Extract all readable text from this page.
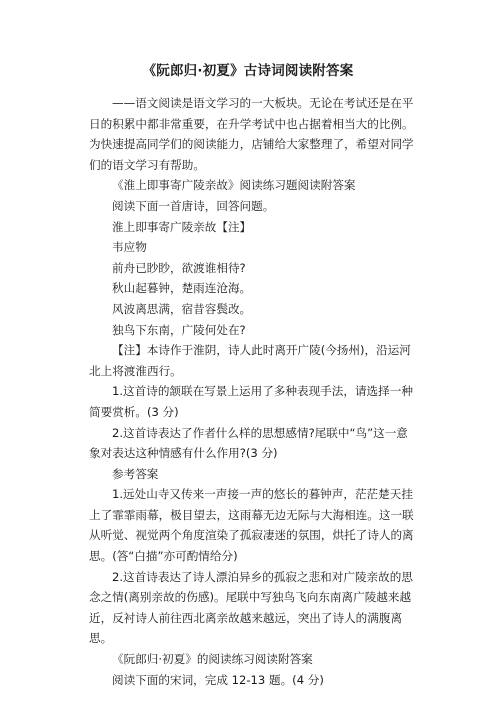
《阮郎归·初夏》古诗词阅读附答案

——语文阅读是语文学习的一大板块。无论在考试还是在平日的积累中都非常重要，在升学考试中也占据着相当大的比例。为快速提高同学们的阅读能力，店铺给大家整理了，希望对同学们的语文学习有帮助。

《淮上即事寄广陵亲故》阅读练习题阅读附答案

阅读下面一首唐诗，回答问题。

淮上即事寄广陵亲故【注】

韦应物

前舟已眇眇，欲渡谁相待?

秋山起暮钟，楚雨连沧海。

风波离思满，宿昔容鬓改。

独鸟下东南，广陵何处在?

【注】本诗作于淮阴，诗人此时离开广陵(今扬州)，沿运河北上将渡淮西行。

1.这首诗的颔联在写景上运用了多种表现手法，请选择一种简要赏析。(3 分)

2.这首诗表达了作者什么样的思想感情?尾联中“鸟”这一意象对表达这种情感有什么作用?(3 分)

参考答案

1.远处山寺又传来一声接一声的悠长的暮钟声，茫茫楚天挂上了霏霏雨幕，极目望去，这雨幕无边无际与大海相连。这一联从听觉、视觉两个角度渲染了孤寂凄迷的氛围，烘托了诗人的离思。(答“白描”亦可酌情给分)

2.这首诗表达了诗人漂泊异乡的孤寂之悲和对广陵亲故的思念之情(离别亲故的伤感)。尾联中写独鸟飞向东南离广陵越来越近，反衬诗人前往西北离亲故越来越远，突出了诗人的满腹离思。

《阮郎归·初夏》的阅读练习阅读附答案

阅读下面的宋词，完成 12-13 题。(4 分)
